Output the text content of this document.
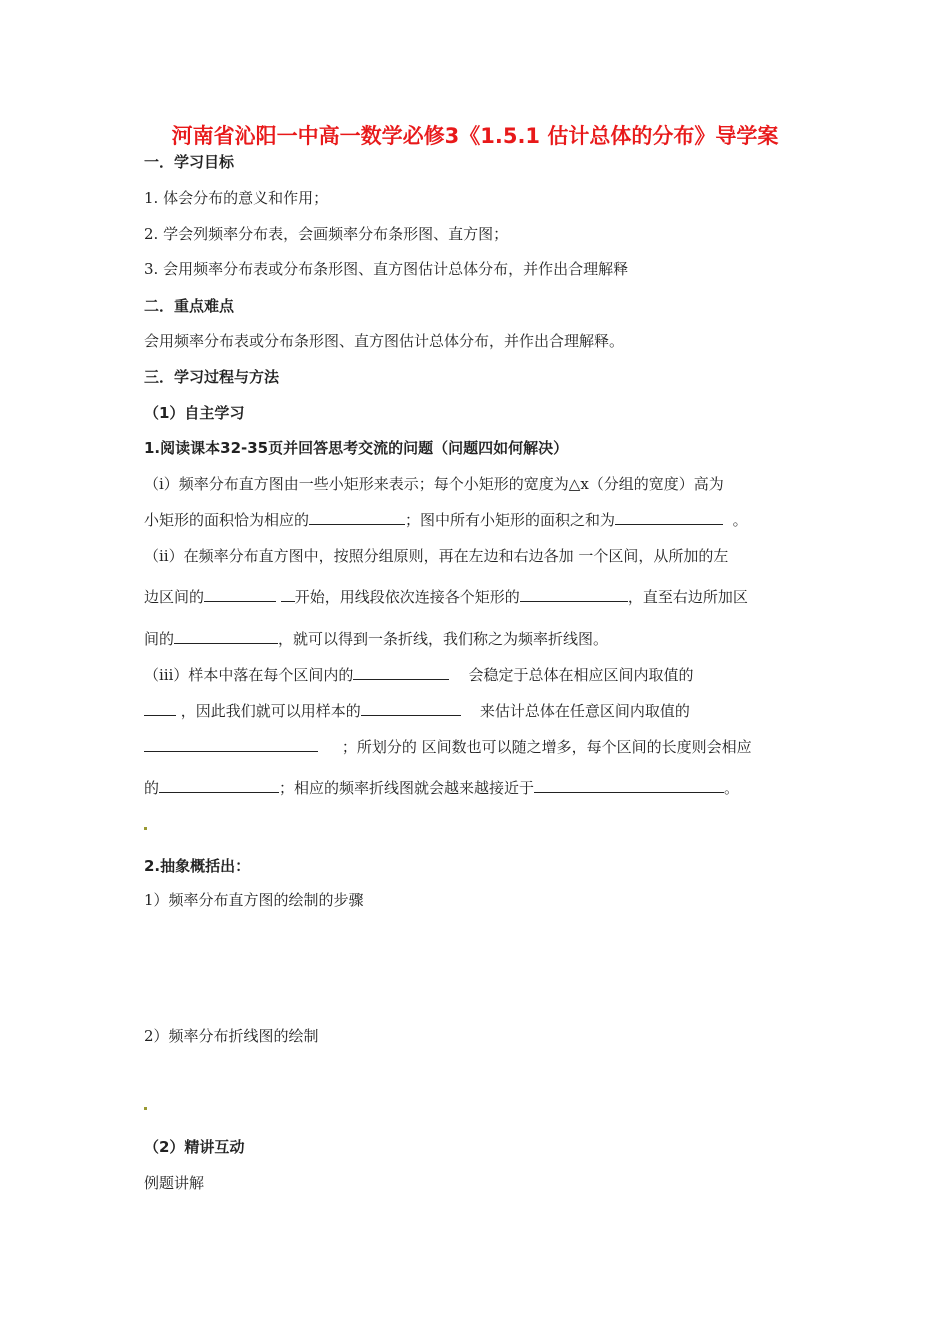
河南省沁阳一中高一数学必修3《1.5.1 估计总体的分布》导学案
一．学习目标
1. 体会分布的意义和作用；
2. 学会列频率分布表，会画频率分布条形图、直方图；
3. 会用频率分布表或分布条形图、直方图估计总体分布，并作出合理解释
二．重点难点
会用频率分布表或分布条形图、直方图估计总体分布，并作出合理解释。
三．学习过程与方法
（1）自主学习
1.阅读课本32-35页并回答思考交流的问题（问题四如何解决）
（ⅰ）频率分布直方图由一些小矩形来表示；每个小矩形的宽度为△x（分组的宽度）高为
小矩形的面积恰为相应的	；图中所有小矩形的面积之和为	。
（ⅱ）在频率分布直方图中，按照分组原则，再在左边和右边各加 一个区间，从所加的左
边区间的	开始，用线段依次连接各个矩形的	，直至右边所加区
间的	，就可以得到一条折线，我们称之为频率折线图。
（ⅲ）样本中落在每个区间内的	会稳定于总体在相应区间内取值的
，因此我们就可以用样本的	来估计总体在任意区间内取值的
；所划分的 区间数也可以随之增多，每个区间的长度则会相应
的	；相应的频率折线图就会越来越接近于	。
2.抽象概括出：
1）频率分布直方图的绘制的步骤
2）频率分布折线图的绘制
（2）精讲互动
例题讲解
